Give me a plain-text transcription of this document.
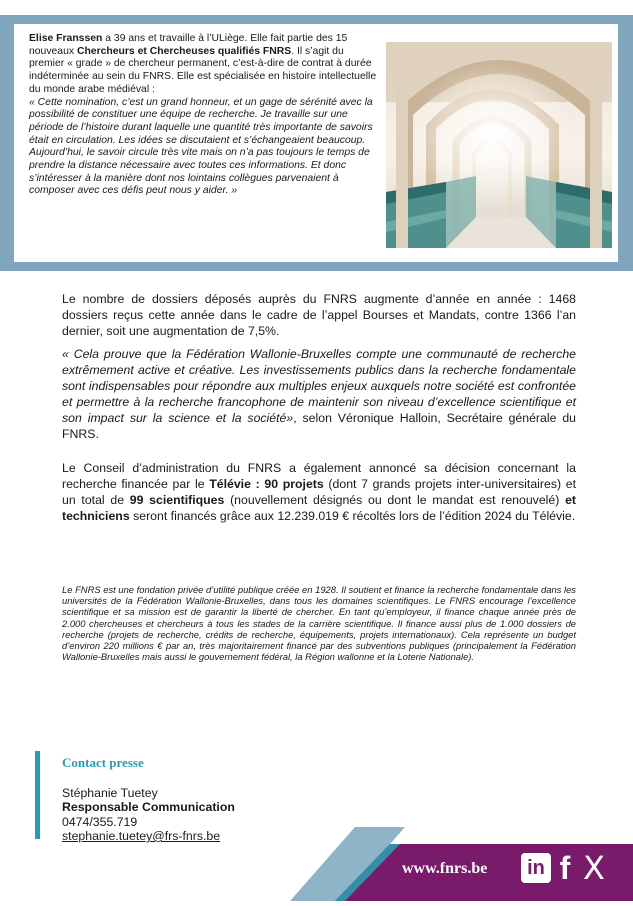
Elise Franssen a 39 ans et travaille à l’ULiège. Elle fait partie des 15 nouveaux Chercheurs et Chercheuses qualifiés FNRS. Il s’agit du premier « grade » de chercheur permanent, c’est-à-dire de contrat à durée indéterminée au sein du FNRS. Elle est spécialisée en histoire intellectuelle du monde arabe médiéval :
« Cette nomination, c’est un grand honneur, et un gage de sérénité avec la possibilité de constituer une équipe de recherche. Je travaille sur une période de l’histoire durant laquelle une quantité très importante de savoirs était en circulation. Les idées se discutaient et s’échangeaient beaucoup. Aujourd’hui, le savoir circule très vite mais on n’a pas toujours le temps de prendre la distance nécessaire avec toutes ces informations. Et donc s’intéresser à la manière dont nos lointains collègues parvenaient à composer avec ces défis peut nous y aider. »
Le nombre de dossiers déposés auprès du FNRS augmente d’année en année : 1468 dossiers reçus cette année dans le cadre de l’appel Bourses et Mandats, contre 1366 l’an dernier, soit une augmentation de 7,5%.
« Cela prouve que la Fédération Wallonie-Bruxelles compte une communauté de recherche extrêmement active et créative. Les investissements publics dans la recherche fondamentale sont indispensables pour répondre aux multiples enjeux auxquels notre société est confrontée et permettre à la recherche francophone de maintenir son niveau d’excellence scientifique et son impact sur la science et la société», selon Véronique Halloin, Secrétaire générale du FNRS.
Le Conseil d’administration du FNRS a également annoncé sa décision concernant la recherche financée par le Télévie : 90 projets (dont 7 grands projets inter-universitaires) et un total de 99 scientifiques (nouvellement désignés ou dont le mandat est renouvelé) et techniciens seront financés grâce aux 12.239.019 € récoltés lors de l’édition 2024 du Télévie.
Le FNRS est une fondation privée d’utilité publique créée en 1928. Il soutient et finance la recherche fondamentale dans les universités de la Fédération Wallonie-Bruxelles, dans tous les domaines scientifiques. Le FNRS encourage l’excellence scientifique et sa mission est de garantir la liberté de chercher. En tant qu’employeur, il finance chaque année près de 2.000 chercheuses et chercheurs à tous les stades de la carrière scientifique. Il finance aussi plus de 1.000 dossiers de recherche (projets de recherche, crédits de recherche, équipements, projets internationaux). Cela représente un budget d’environ 220 millions € par an, très majoritairement financé par des subventions publiques (principalement la Fédération Wallonie-Bruxelles mais aussi le gouvernement fédéral, la Région wallonne et la Loterie Nationale).
Contact presse
Stéphanie Tuetey
Responsable Communication
0474/355.719
stephanie.tuetey@frs-fnrs.be
www.fnrs.be	in f X
